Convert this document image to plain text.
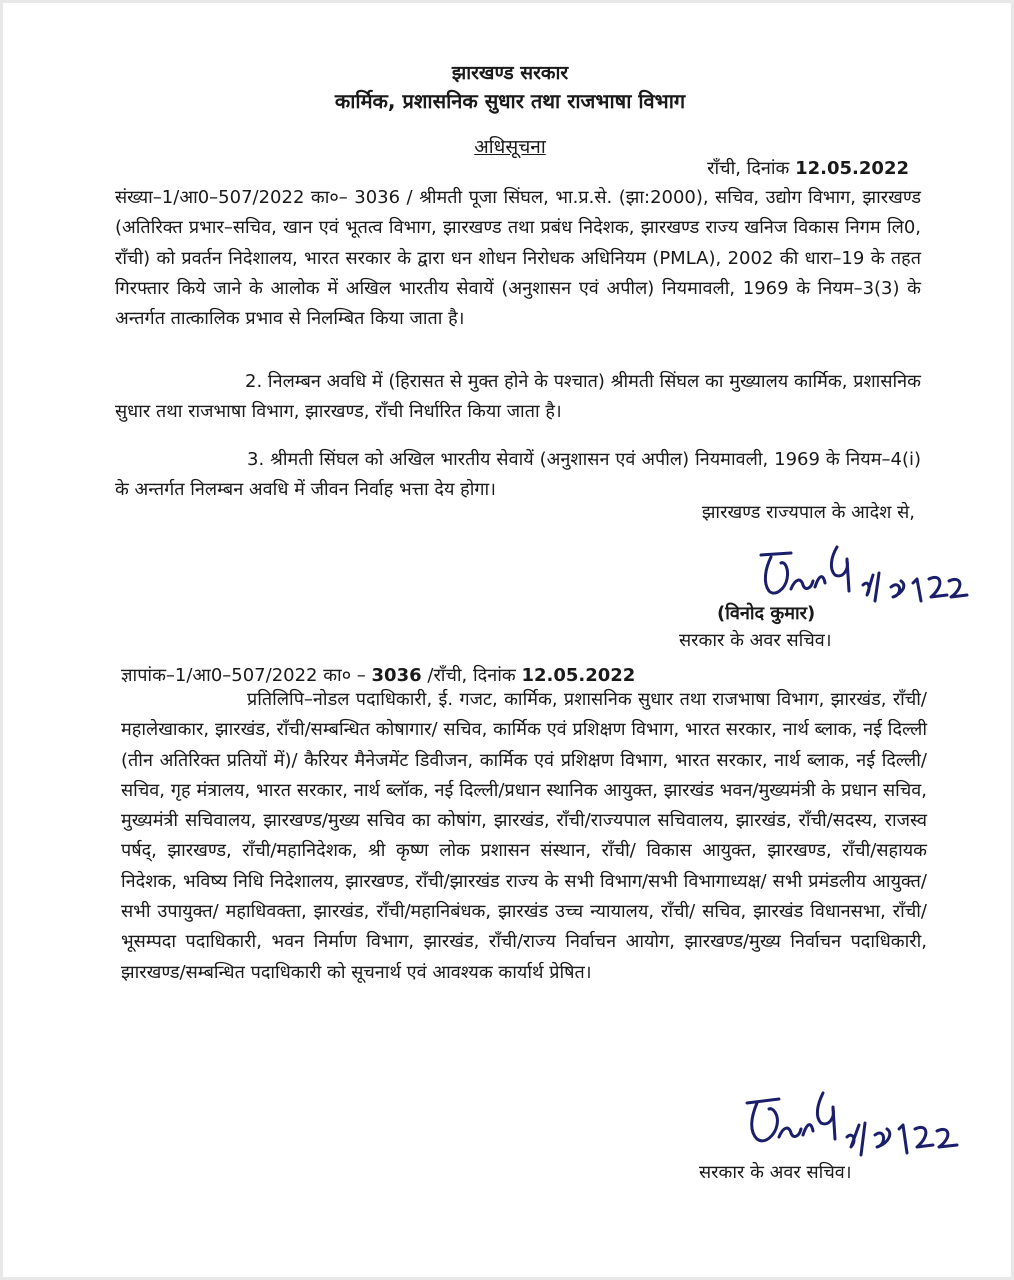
झारखण्ड सरकार
कार्मिक, प्रशासनिक सुधार तथा राजभाषा विभाग
अधिसूचना
राँची, दिनांक 12.05.2022

संख्या–1/आ0–507/2022 का०– 3036 / श्रीमती पूजा सिंघल, भा.प्र.से. (झा:2000), सचिव, उद्योग विभाग, झारखण्ड (अतिरिक्त प्रभार–सचिव, खान एवं भूतत्व विभाग, झारखण्ड तथा प्रबंध निदेशक, झारखण्ड राज्य खनिज विकास निगम लि0, राँची) को प्रवर्तन निदेशालय, भारत सरकार के द्वारा धन शोधन निरोधक अधिनियम (PMLA), 2002 की धारा–19 के तहत गिरफ्तार किये जाने के आलोक में अखिल भारतीय सेवायें (अनुशासन एवं अपील) नियमावली, 1969 के नियम–3(3) के अन्तर्गत तात्कालिक प्रभाव से निलम्बित किया जाता है।

2. निलम्बन अवधि में (हिरासत से मुक्त होने के पश्चात) श्रीमती सिंघल का मुख्यालय कार्मिक, प्रशासनिक सुधार तथा राजभाषा विभाग, झारखण्ड, राँची निर्धारित किया जाता है।

3. श्रीमती सिंघल को अखिल भारतीय सेवायें (अनुशासन एवं अपील) नियमावली, 1969 के नियम–4(i) के अन्तर्गत निलम्बन अवधि में जीवन निर्वाह भत्ता देय होगा।

झारखण्ड राज्यपाल के आदेश से,
12/5/22
(विनोद कुमार)
सरकार के अवर सचिव।
ज्ञापांक–1/आ0–507/2022 का० – 3036 /राँची, दिनांक 12.05.2022

प्रतिलिपि–नोडल पदाधिकारी, ई. गजट, कार्मिक, प्रशासनिक सुधार तथा राजभाषा विभाग, झारखंड, राँची/महालेखाकार, झारखंड, राँची/सम्बन्धित कोषागार/ सचिव, कार्मिक एवं प्रशिक्षण विभाग, भारत सरकार, नार्थ ब्लाक, नई दिल्ली (तीन अतिरिक्त प्रतियों में)/ कैरियर मैनेजमेंट डिवीजन, कार्मिक एवं प्रशिक्षण विभाग, भारत सरकार, नार्थ ब्लाक, नई दिल्ली/सचिव, गृह मंत्रालय, भारत सरकार, नार्थ ब्लॉक, नई दिल्ली/प्रधान स्थानिक आयुक्त, झारखंड भवन/मुख्यमंत्री के प्रधान सचिव, मुख्यमंत्री सचिवालय, झारखण्ड/मुख्य सचिव का कोषांग, झारखंड, राँची/राज्यपाल सचिवालय, झारखंड, राँची/सदस्य, राजस्व पर्षद्, झारखण्ड, राँची/महानिदेशक, श्री कृष्ण लोक प्रशासन संस्थान, राँची/ विकास आयुक्त, झारखण्ड, राँची/सहायक निदेशक, भविष्य निधि निदेशालय, झारखण्ड, राँची/झारखंड राज्य के सभी विभाग/सभी विभागाध्यक्ष/ सभी प्रमंडलीय आयुक्त/सभी उपायुक्त/ महाधिवक्ता, झारखंड, राँची/महानिबंधक, झारखंड उच्च न्यायालय, राँची/ सचिव, झारखंड विधानसभा, राँची/ भूसम्पदा पदाधिकारी, भवन निर्माण विभाग, झारखंड, राँची/राज्य निर्वाचन आयोग, झारखण्ड/मुख्य निर्वाचन पदाधिकारी, झारखण्ड/सम्बन्धित पदाधिकारी को सूचनार्थ एवं आवश्यक कार्यार्थ प्रेषित।

12/5/22
सरकार के अवर सचिव।
